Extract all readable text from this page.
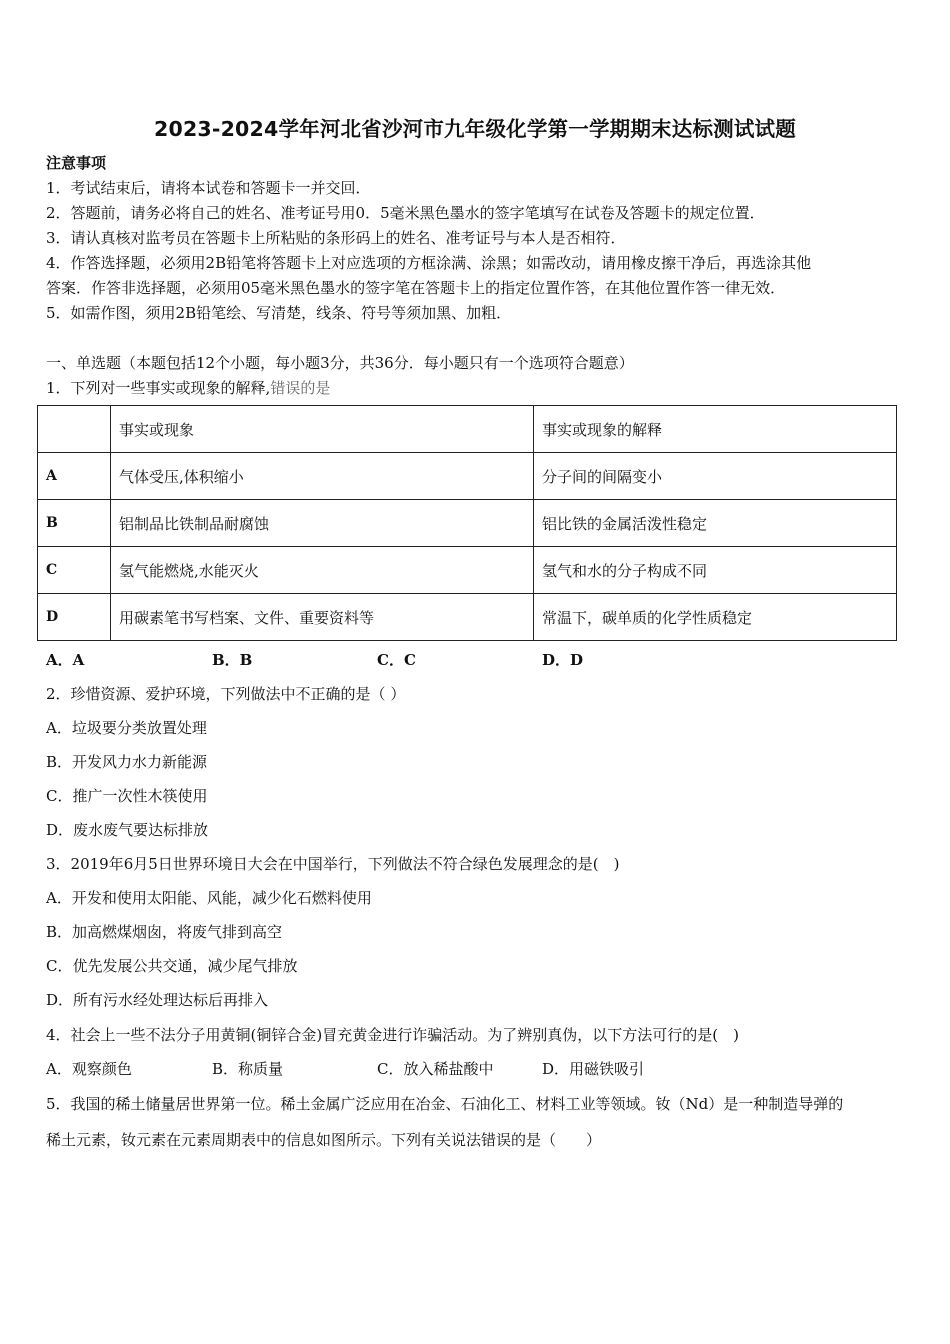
2023-2024学年河北省沙河市九年级化学第一学期期末达标测试试题
注意事项
1．考试结束后，请将本试卷和答题卡一并交回．
2．答题前，请务必将自己的姓名、准考证号用0．5毫米黑色墨水的签字笔填写在试卷及答题卡的规定位置．
3．请认真核对监考员在答题卡上所粘贴的条形码上的姓名、准考证号与本人是否相符．
4．作答选择题，必须用2B铅笔将答题卡上对应选项的方框涂满、涂黑；如需改动，请用橡皮擦干净后，再选涂其他
答案．作答非选择题，必须用05毫米黑色墨水的签字笔在答题卡上的指定位置作答，在其他位置作答一律无效．
5．如需作图，须用2B铅笔绘、写清楚，线条、符号等须加黑、加粗．
一、单选题（本题包括12个小题，每小题3分，共36分．每小题只有一个选项符合题意）
1．下列对一些事实或现象的解释,错误的是
	事实或现象	事实或现象的解释
A	气体受压,体积缩小	分子间的间隔变小
B	铝制品比铁制品耐腐蚀	铝比铁的金属活泼性稳定
C	氢气能燃烧,水能灭火	氢气和水的分子构成不同
D	用碳素笔书写档案、文件、重要资料等	常温下，碳单质的化学性质稳定
A．A	B．B	C．C	D．D
2．珍惜资源、爱护环境，下列做法中不正确的是（ ）
A．垃圾要分类放置处理
B．开发风力水力新能源
C．推广一次性木筷使用
D．废水废气要达标排放
3．2019年6月5日世界环境日大会在中国举行，下列做法不符合绿色发展理念的是(　)
A．开发和使用太阳能、风能，减少化石燃料使用
B．加高燃煤烟囱，将废气排到高空
C．优先发展公共交通，减少尾气排放
D．所有污水经处理达标后再排入
4．社会上一些不法分子用黄铜(铜锌合金)冒充黄金进行诈骗活动。为了辨别真伪，以下方法可行的是(　)
A．观察颜色	B．称质量	C．放入稀盐酸中	D．用磁铁吸引
5．我国的稀土储量居世界第一位。稀土金属广泛应用在冶金、石油化工、材料工业等领域。钕（Nd）是一种制造导弹的
稀土元素，钕元素在元素周期表中的信息如图所示。下列有关说法错误的是（　　）
